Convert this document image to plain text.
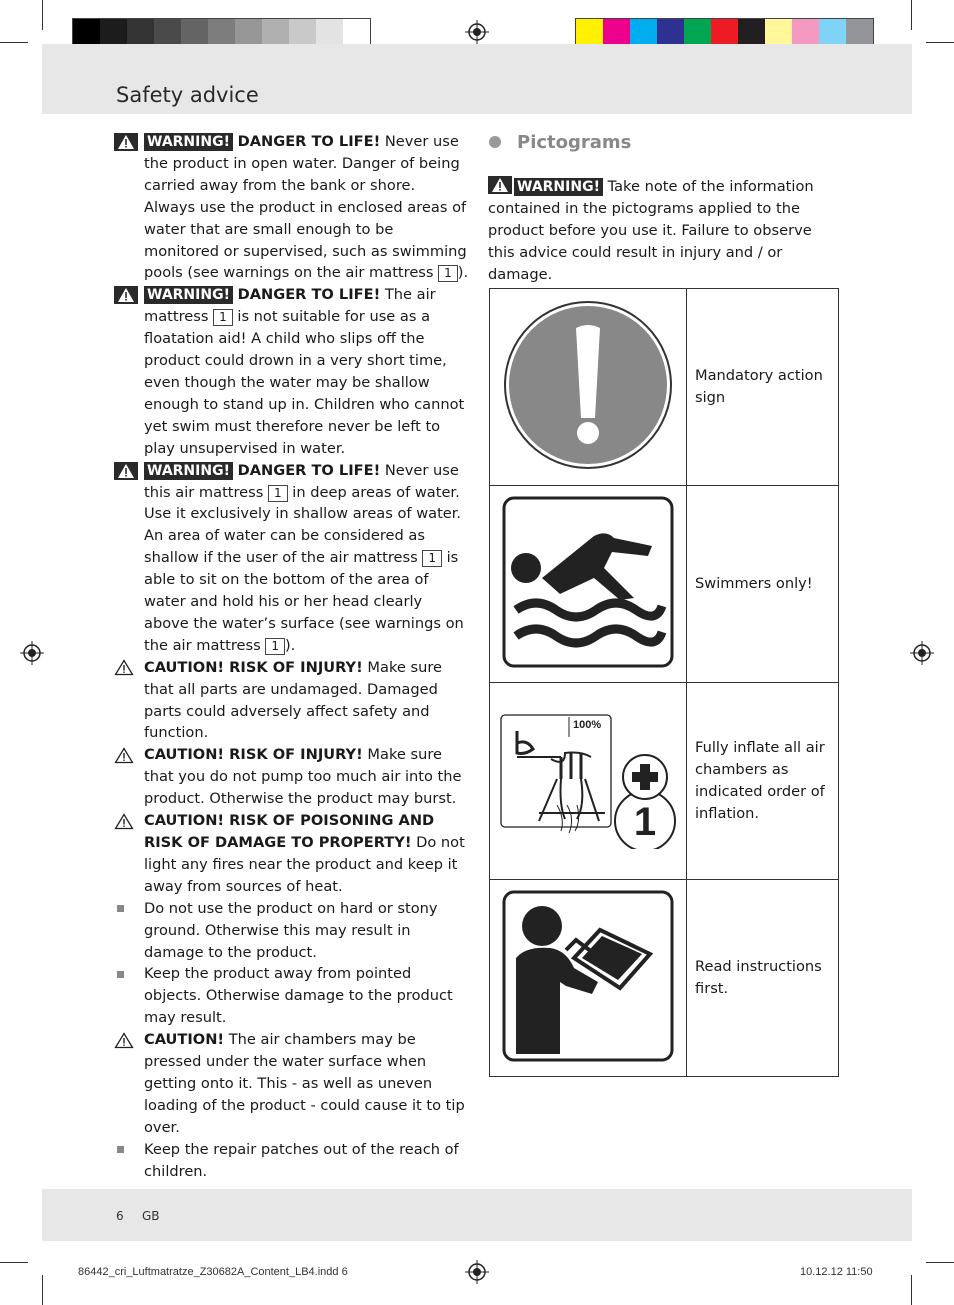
Safety advice
WARNING! DANGER TO LIFE! Never use the product in open water. Danger of being carried away from the bank or shore. Always use the product in enclosed areas of water that are small enough to be monitored or supervised, such as swimming pools (see warnings on the air mattress 1 ).
WARNING! DANGER TO LIFE! The air mattress 1 is not suitable for use as a floatation aid! A child who slips off the product could drown in a very short time, even though the water may be shallow enough to stand up in. Children who cannot yet swim must therefore never be left to play unsupervised in water.
WARNING! DANGER TO LIFE! Never use this air mattress 1 in deep areas of water. Use it exclusively in shallow areas of water. An area of water can be considered as shallow if the user of the air mattress 1 is able to sit on the bottom of the area of water and hold his or her head clearly above the water’s surface (see warnings on the air mattress 1 ).
CAUTION! RISK OF INJURY! Make sure that all parts are undamaged. Damaged parts could adversely affect safety and function.
CAUTION! RISK OF INJURY! Make sure that you do not pump too much air into the product. Otherwise the product may burst.
CAUTION! RISK OF POISONING AND RISK OF DAMAGE TO PROPERTY! Do not light any fires near the product and keep it away from sources of heat.
Do not use the product on hard or stony ground. Otherwise this may result in damage to the product.
Keep the product away from pointed objects. Otherwise damage to the product may result.
CAUTION! The air chambers may be pressed under the water surface when getting onto it. This - as well as uneven loading of the product - could cause it to tip over.
Keep the repair patches out of the reach of children.
Pictograms
WARNING! Take note of the information contained in the pictograms applied to the product before you use it. Failure to observe this advice could result in injury and / or damage.
	Mandatory action sign
	Swimmers only!

100%
1	Fully inflate all air chambers as indicated order of inflation.
	Read instructions first.
6 GB
86442_cri_Luftmatratze_Z30682A_Content_LB4.indd 6	10.12.12 11:50
